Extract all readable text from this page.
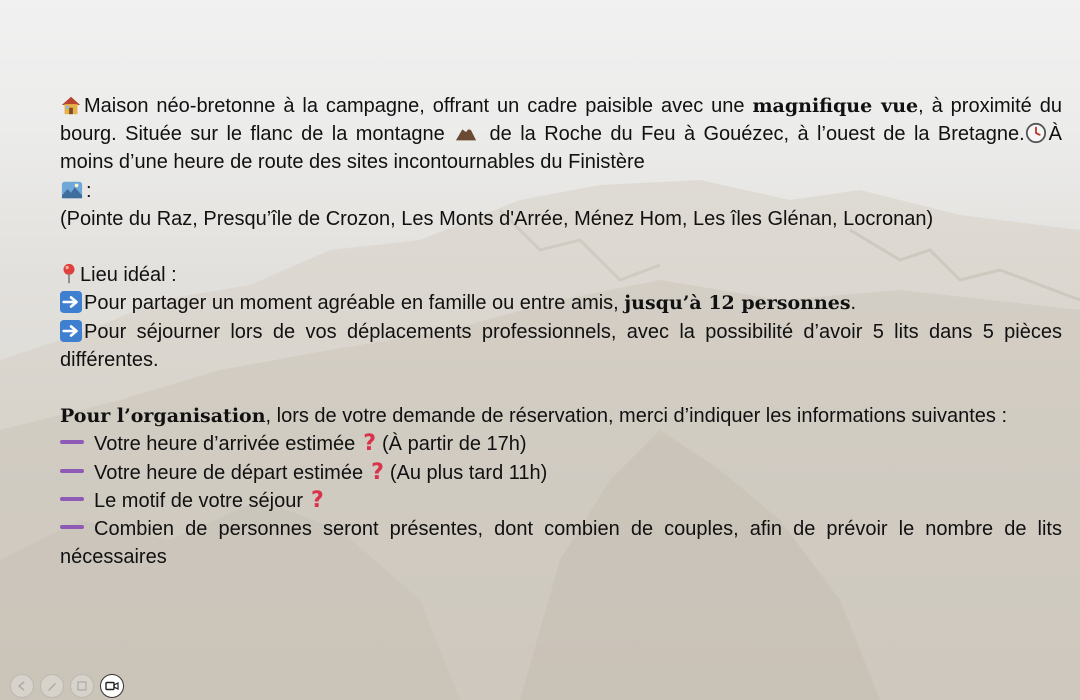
Maison néo-bretonne à la campagne, offrant un cadre paisible avec une magnifique vue, à proximité du bourg. Située sur le flanc de la montagne  de la Roche du Feu à Gouézec, à l’ouest de la Bretagne. À moins d’une heure de route des sites incontournables du Finistère
:

(Pointe du Raz, Presqu’île de Crozon, Les Monts d'Arrée, Ménez Hom, Les îles Glénan, Locronan)

Lieu idéal :

Pour partager un moment agréable en famille ou entre amis, jusqu’à 12 personnes.

Pour séjourner lors de vos déplacements professionnels, avec la possibilité d’avoir 5 lits dans 5 pièces différentes.

Pour l’organisation, lors de votre demande de réservation, merci d’indiquer les informations suivantes :

Votre heure d’arrivée estimée ? (À partir de 17h)

Votre heure de départ estimée ? (Au plus tard 11h)

Le motif de votre séjour ?

Combien de personnes seront présentes, dont combien de couples, afin de prévoir le nombre de lits nécessaires
